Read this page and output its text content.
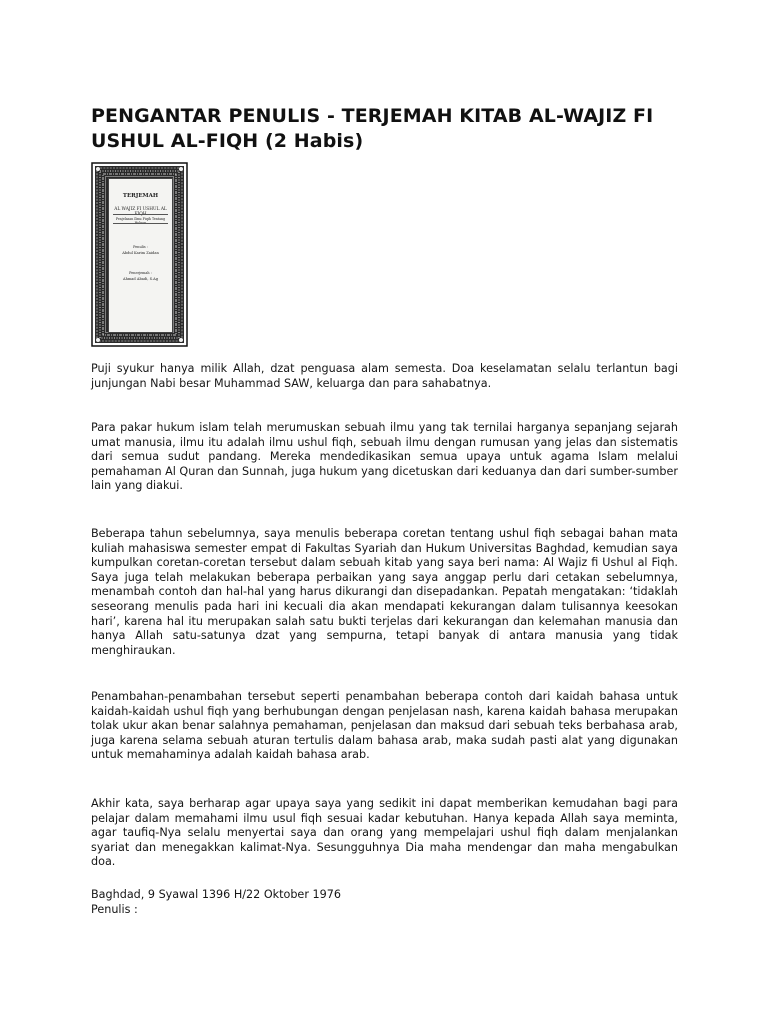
PENGANTAR PENULIS - TERJEMAH KITAB AL-WAJIZ FI USHUL AL-FIQH (2 Habis)
TERJEMAH
AL WAJIZ FI USHUL AL FIQH
Penjelasan Ilmu Fiqih Tentang Hukum
Penulis :
Abdul Karim Zaidan
Penerjemah :
Ahmad Abadi, S.Ag

Puji syukur hanya milik Allah, dzat penguasa alam semesta. Doa keselamatan selalu terlantun bagi junjungan Nabi besar Muhammad SAW, keluarga dan para sahabatnya.

Para pakar hukum islam telah merumuskan sebuah ilmu yang tak ternilai harganya sepanjang sejarah umat manusia, ilmu itu adalah ilmu ushul fiqh, sebuah ilmu dengan rumusan yang jelas dan sistematis dari semua sudut pandang. Mereka mendedikasikan semua upaya untuk agama Islam melalui pemahaman Al Quran dan Sunnah, juga hukum yang dicetuskan dari keduanya dan dari sumber-sumber lain yang diakui.

Beberapa tahun sebelumnya, saya menulis beberapa coretan tentang ushul fiqh sebagai bahan mata kuliah mahasiswa semester empat di Fakultas Syariah dan Hukum Universitas Baghdad, kemudian saya kumpulkan coretan-coretan tersebut dalam sebuah kitab yang saya beri nama: Al Wajiz fi Ushul al Fiqh. Saya juga telah melakukan beberapa perbaikan yang saya anggap perlu dari cetakan sebelumnya, menambah contoh dan hal-hal yang harus dikurangi dan disepadankan. Pepatah mengatakan: ‘tidaklah seseorang menulis pada hari ini kecuali dia akan mendapati kekurangan dalam tulisannya keesokan hari’, karena hal itu merupakan salah satu bukti terjelas dari kekurangan dan kelemahan manusia dan hanya Allah satu-satunya dzat yang sempurna, tetapi banyak di antara manusia yang tidak menghiraukan.

Penambahan-penambahan tersebut seperti penambahan beberapa contoh dari kaidah bahasa untuk kaidah-kaidah ushul fiqh yang berhubungan dengan penjelasan nash, karena kaidah bahasa merupakan tolak ukur akan benar salahnya pemahaman, penjelasan dan maksud dari sebuah teks berbahasa arab, juga karena selama sebuah aturan tertulis dalam bahasa arab, maka sudah pasti alat yang digunakan untuk memahaminya adalah kaidah bahasa arab.

Akhir kata, saya berharap agar upaya saya yang sedikit ini dapat memberikan kemudahan bagi para pelajar dalam memahami ilmu usul fiqh sesuai kadar kebutuhan. Hanya kepada Allah saya meminta, agar taufiq-Nya selalu menyertai saya dan orang yang mempelajari ushul fiqh dalam menjalankan syariat dan menegakkan kalimat-Nya. Sesungguhnya Dia maha mendengar dan maha mengabulkan doa.

Baghdad, 9 Syawal 1396 H/22 Oktober 1976

Penulis :
